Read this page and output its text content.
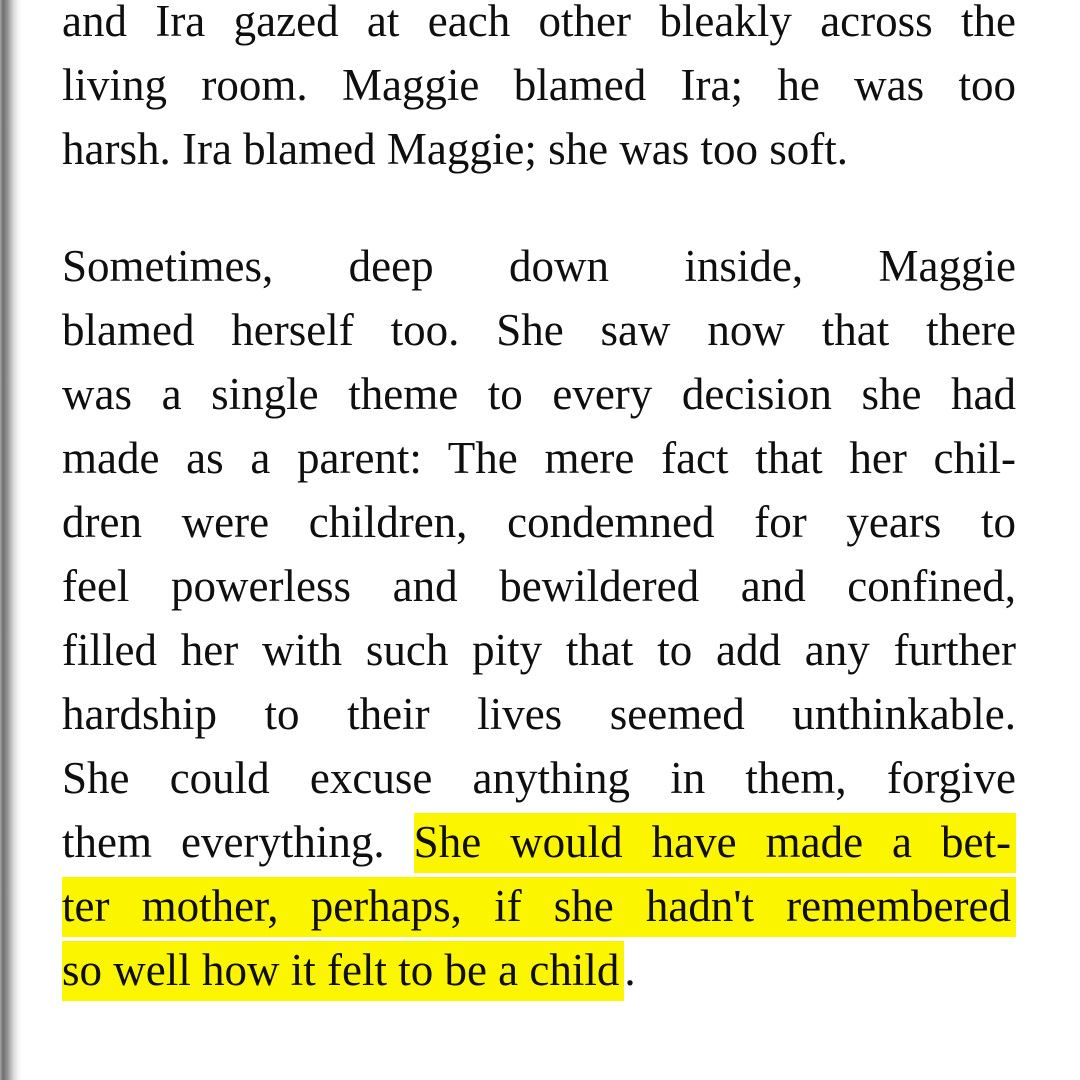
and Ira gazed at each other bleakly across the
living room. Maggie blamed Ira; he was too
harsh. Ira blamed Maggie; she was too soft.
Sometimes, deep down inside, Maggie
blamed herself too. She saw now that there
was a single theme to every decision she had
made as a parent: The mere fact that her chil-
dren were children, condemned for years to
feel powerless and bewildered and confined,
filled her with such pity that to add any further
hardship to their lives seemed unthinkable.
She could excuse anything in them, forgive
them everything. She would have made a bet-
ter mother, perhaps, if she hadn't remembered
so well how it felt to be a child .
